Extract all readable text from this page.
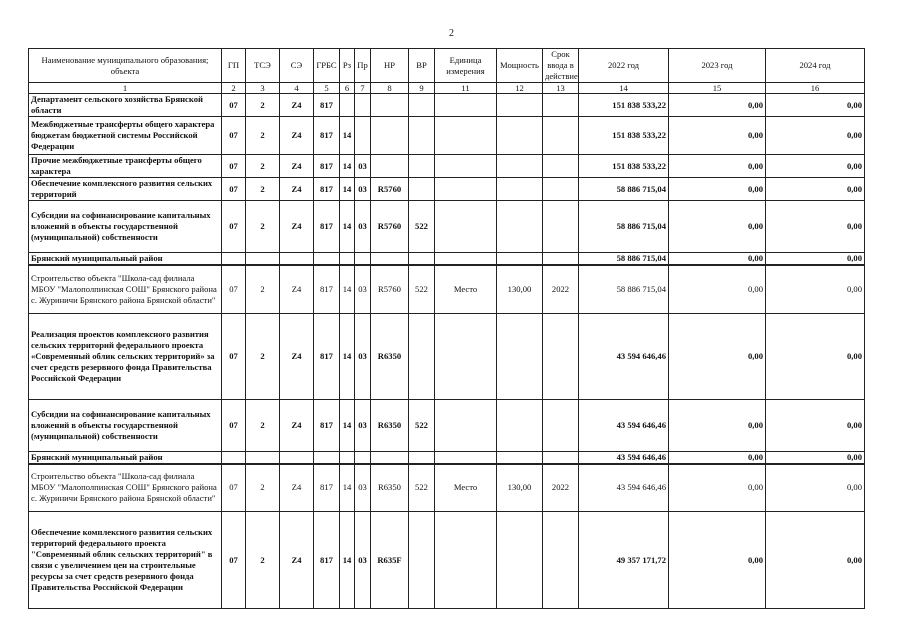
2
Наименование муниципального образования; объекта	ГП	ТСЭ	СЭ	ГРБС	Рз	Пр	НР	ВР	Единица измерения	Мощность	Срок ввода в действие	2022 год	2023 год	2024 год
1	2	3	4	5	6	7	8	9	11	12	13	14	15	16
Департамент сельского хозяйства Брянской области	07	2	Z4	817								151 838 533,22	0,00	0,00
Межбюджетные трансферты общего характера бюджетам бюджетной системы Российской Федерации	07	2	Z4	817	14							151 838 533,22	0,00	0,00
Прочие межбюджетные трансферты общего характера	07	2	Z4	817	14	03						151 838 533,22	0,00	0,00
Обеспечение комплексного развития сельских территорий	07	2	Z4	817	14	03	R5760					58 886 715,04	0,00	0,00
Субсидии на софинансирование капитальных вложений в объекты государственной (муниципальной) собственности	07	2	Z4	817	14	03	R5760	522				58 886 715,04	0,00	0,00
Брянский муниципальный район												58 886 715,04	0,00	0,00
Строительство объекта "Школа-сад филиала МБОУ "Малополпинская СОШ" Брянского района с. Журиничи Брянского района Брянской области"	07	2	Z4	817	14	03	R5760	522	Место	130,00	2022	58 886 715,04	0,00	0,00
Реализация проектов комплексного развития сельских территорий федерального проекта «Современный облик сельских территорий» за счет средств резервного фонда Правительства Российской Федерации	07	2	Z4	817	14	03	R6350					43 594 646,46	0,00	0,00
Субсидии на софинансирование капитальных вложений в объекты государственной (муниципальной) собственности	07	2	Z4	817	14	03	R6350	522				43 594 646,46	0,00	0,00
Брянский муниципальный район												43 594 646,46	0,00	0,00
Строительство объекта "Школа-сад филиала МБОУ "Малополпинская СОШ" Брянского района с. Журиничи Брянского района Брянской области"	07	2	Z4	817	14	03	R6350	522	Место	130,00	2022	43 594 646,46	0,00	0,00
Обеспечение комплексного развития сельских территорий федерального проекта "Современный облик сельских территорий" в связи с увеличением цен на строительные ресурсы за счет средств резервного фонда Правительства Российской Федерации	07	2	Z4	817	14	03	R635F					49 357 171,72	0,00	0,00
